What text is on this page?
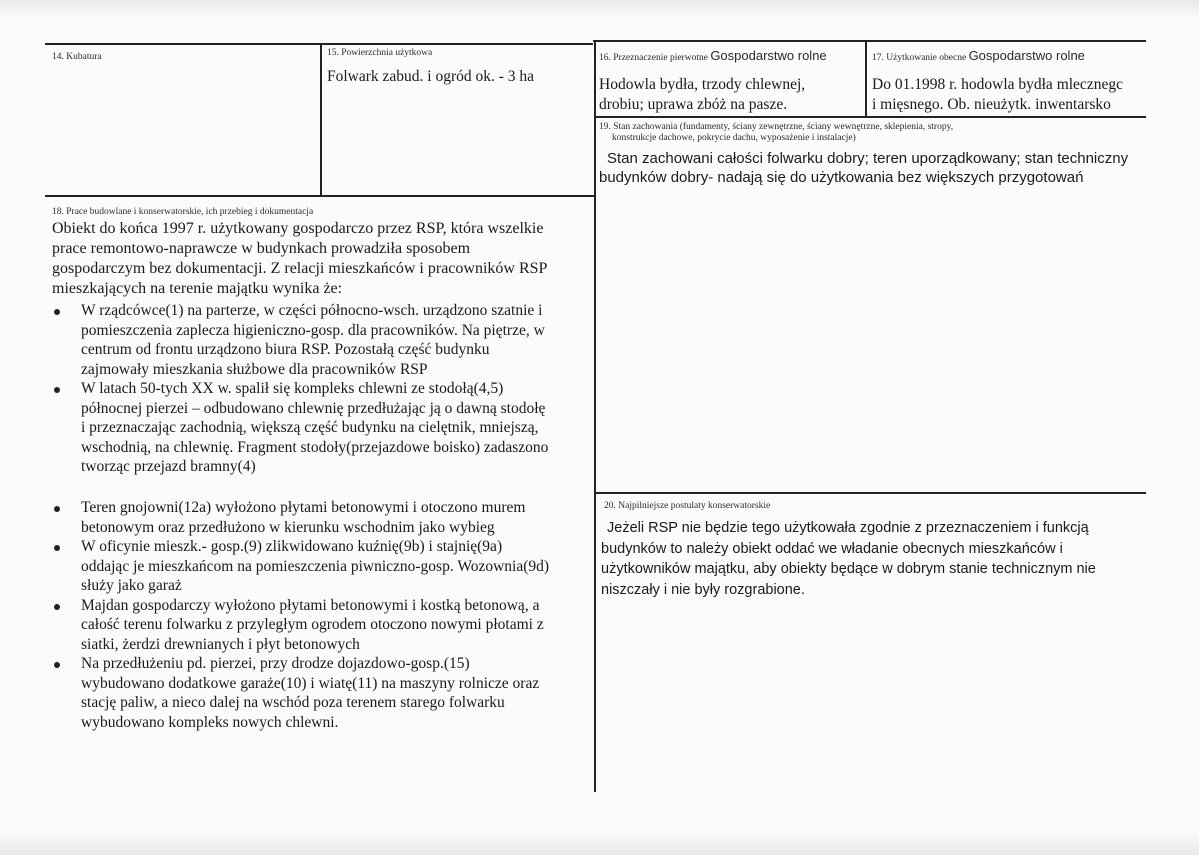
14. Kubatura	15. Powierzchnia użytkowa
Folwark zabud. i ogród ok. - 3 ha
16. Przeznaczenie pierwotne Gospodarstwo rolne
Hodowla bydła, trzody chlewnej,
drobiu; uprawa zbóż na pasze.
17. Użytkowanie obecne Gospodarstwo rolne
Do 01.1998 r. hodowla bydła mlecznegc
i mięsnego. Ob. nieużytk. inwentarsko
19. Stan zachowania (fundamenty, ściany zewnętrzne, ściany wewnętrzne, sklepienia, stropy,
konstrukcje dachowe, pokrycie dachu, wyposażenie i instalacje)
Stan zachowani całości folwarku dobry; teren uporządkowany; stan techniczny
budynków dobry- nadają się do użytkowania bez większych przygotowań
18. Prace budowlane i konserwatorskie, ich przebieg i dokumentacja
Obiekt do końca 1997 r. użytkowany gospodarczo przez RSP, która wszelkie
prace remontowo-naprawcze w budynkach prowadziła sposobem
gospodarczym bez dokumentacji. Z relacji mieszkańców i pracowników RSP
mieszkających na terenie majątku wynika że:
W rządcówce(1) na parterze, w części północno-wsch. urządzono szatnie i
pomieszczenia zaplecza higieniczno-gosp. dla pracowników. Na piętrze, w
centrum od frontu urządzono biura RSP. Pozostałą część budynku
zajmowały mieszkania służbowe dla pracowników RSP
W latach 50-tych XX w. spalił się kompleks chlewni ze stodołą(4,5)
północnej pierzei – odbudowano chlewnię przedłużając ją o dawną stodołę
i przeznaczając zachodnią, większą część budynku na cielętnik, mniejszą,
wschodnią, na chlewnię. Fragment stodoły(przejazdowe boisko) zadaszono
tworząc przejazd bramny(4)
Teren gnojowni(12a) wyłożono płytami betonowymi i otoczono murem
betonowym oraz przedłużono w kierunku wschodnim jako wybieg
W oficynie mieszk.- gosp.(9) zlikwidowano kuźnię(9b) i stajnię(9a)
oddając je mieszkańcom na pomieszczenia piwniczno-gosp. Wozownia(9d)
służy jako garaż
Majdan gospodarczy wyłożono płytami betonowymi i kostką betonową, a
całość terenu folwarku z przyległym ogrodem otoczono nowymi płotami z
siatki, żerdzi drewnianych i płyt betonowych
Na przedłużeniu pd. pierzei, przy drodze dojazdowo-gosp.(15)
wybudowano dodatkowe garaże(10) i wiatę(11) na maszyny rolnicze oraz
stację paliw, a nieco dalej na wschód poza terenem starego folwarku
wybudowano kompleks nowych chlewni.
20. Najpilniejsze postulaty konserwatorskie
Jeżeli RSP nie będzie tego użytkowała zgodnie z przeznaczeniem i funkcją
budynków to należy obiekt oddać we władanie obecnych mieszkańców i
użytkowników majątku, aby obiekty będące w dobrym stanie technicznym nie
niszczały i nie były rozgrabione.
